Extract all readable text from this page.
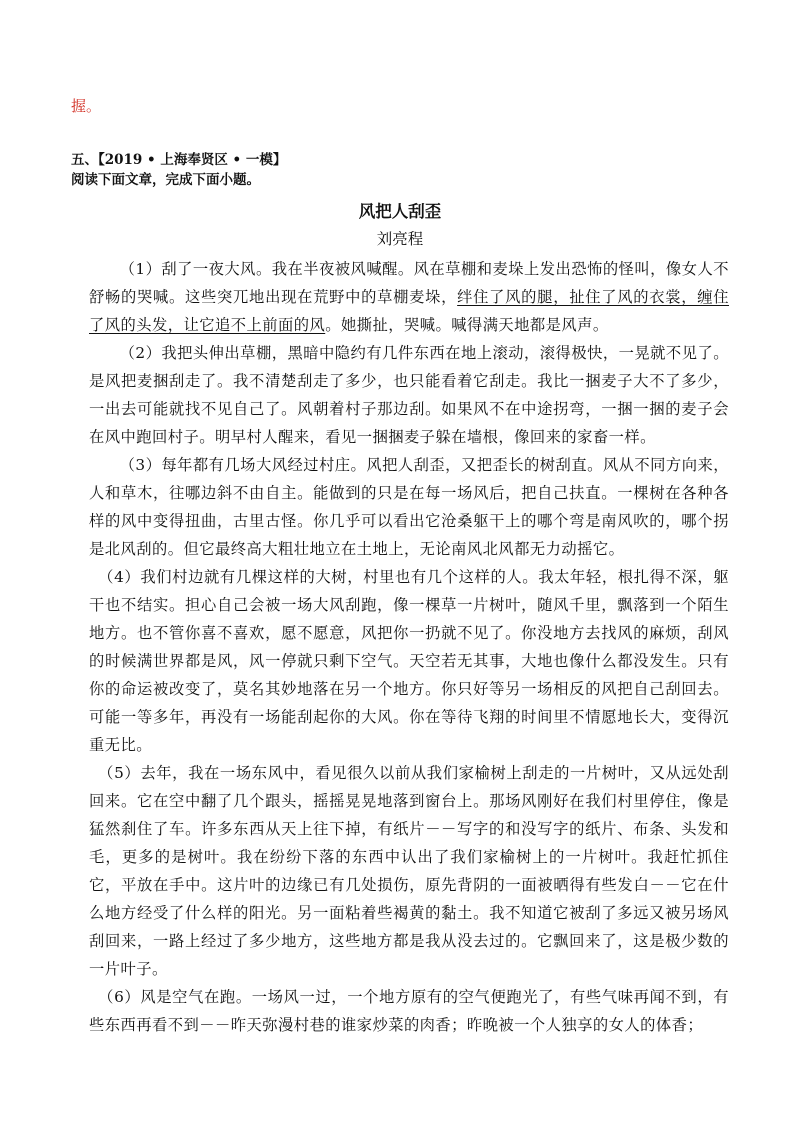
握。

五、【2019 • 上海奉贤区 • 一模】

阅读下面文章，完成下面小题。

风把人刮歪

刘亮程

（1）刮了一夜大风。我在半夜被风喊醒。风在草棚和麦垛上发出恐怖的怪叫，像女人不舒畅的哭喊。这些突兀地出现在荒野中的草棚麦垛，绊住了风的腿，扯住了风的衣裳，缠住了风的头发，让它追不上前面的风。她撕扯，哭喊。喊得满天地都是风声。

（2）我把头伸出草棚，黑暗中隐约有几件东西在地上滚动，滚得极快，一晃就不见了。是风把麦捆刮走了。我不清楚刮走了多少，也只能看着它刮走。我比一捆麦子大不了多少，一出去可能就找不见自己了。风朝着村子那边刮。如果风不在中途拐弯，一捆一捆的麦子会在风中跑回村子。明早村人醒来，看见一捆捆麦子躲在墙根，像回来的家畜一样。

（3）每年都有几场大风经过村庄。风把人刮歪，又把歪长的树刮直。风从不同方向来，人和草木，往哪边斜不由自主。能做到的只是在每一场风后，把自己扶直。一棵树在各种各样的风中变得扭曲，古里古怪。你几乎可以看出它沧桑躯干上的哪个弯是南风吹的，哪个拐是北风刮的。但它最终高大粗壮地立在土地上，无论南风北风都无力动摇它。

（4）我们村边就有几棵这样的大树，村里也有几个这样的人。我太年轻，根扎得不深，躯干也不结实。担心自己会被一场大风刮跑，像一棵草一片树叶，随风千里，飘落到一个陌生地方。也不管你喜不喜欢，愿不愿意，风把你一扔就不见了。你没地方去找风的麻烦，刮风的时候满世界都是风，风一停就只剩下空气。天空若无其事，大地也像什么都没发生。只有你的命运被改变了，莫名其妙地落在另一个地方。你只好等另一场相反的风把自己刮回去。可能一等多年，再没有一场能刮起你的大风。你在等待飞翔的时间里不情愿地长大，变得沉重无比。

（5）去年，我在一场东风中，看见很久以前从我们家榆树上刮走的一片树叶，又从远处刮回来。它在空中翻了几个跟头，摇摇晃晃地落到窗台上。那场风刚好在我们村里停住，像是猛然刹住了车。许多东西从天上往下掉，有纸片－－写字的和没写字的纸片、布条、头发和毛，更多的是树叶。我在纷纷下落的东西中认出了我们家榆树上的一片树叶。我赶忙抓住它，平放在手中。这片叶的边缘已有几处损伤，原先背阴的一面被晒得有些发白－－它在什么地方经受了什么样的阳光。另一面粘着些褐黄的黏土。我不知道它被刮了多远又被另场风刮回来，一路上经过了多少地方，这些地方都是我从没去过的。它飘回来了，这是极少数的一片叶子。

（6）风是空气在跑。一场风一过，一个地方原有的空气便跑光了，有些气味再闻不到，有些东西再看不到－－昨天弥漫村巷的谁家炒菜的肉香；昨晚被一个人独享的女人的体香；
